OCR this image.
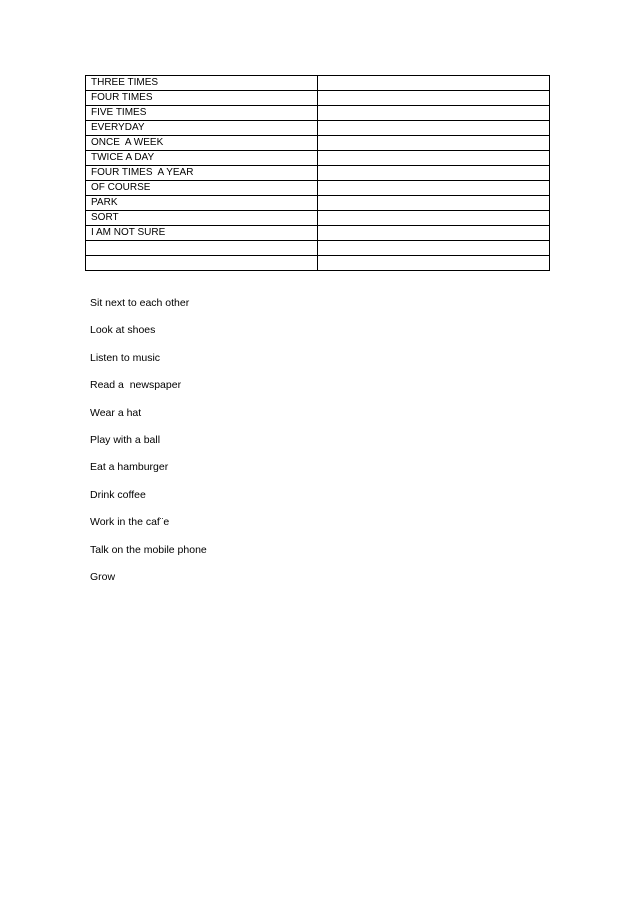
THREE TIMES	
FOUR TIMES	
FIVE TIMES	
EVERYDAY	
ONCE  A WEEK	
TWICE A DAY	
FOUR TIMES  A YEAR	
OF COURSE	
PARK	
SORT	
I AM NOT SURE	

Sit next to each other
Look at shoes
Listen to music
Read a  newspaper
Wear a hat
Play with a ball
Eat a hamburger
Drink coffee
Work in the caf¨e
Talk on the mobile phone
Grow
